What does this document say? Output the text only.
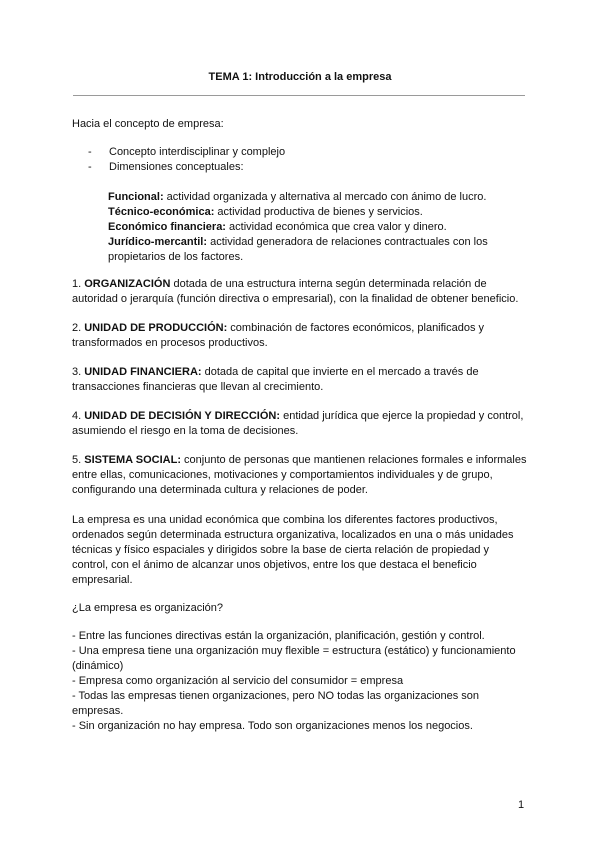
TEMA 1: Introducción a la empresa
Hacia el concepto de empresa:
- Concepto interdisciplinar y complejo
- Dimensiones conceptuales:

Funcional: actividad organizada y alternativa al mercado con ánimo de lucro.

Técnico-económica: actividad productiva de bienes y servicios.

Económico financiera: actividad económica que crea valor y dinero.

Jurídico-mercantil: actividad generadora de relaciones contractuales con los propietarios de los factores.

1. ORGANIZACIÓN dotada de una estructura interna según determinada relación de autoridad o jerarquía (función directiva o empresarial), con la finalidad de obtener beneficio.

2. UNIDAD DE PRODUCCIÓN: combinación de factores económicos, planificados y transformados en procesos productivos.

3. UNIDAD FINANCIERA: dotada de capital que invierte en el mercado a través de transacciones financieras que llevan al crecimiento.

4. UNIDAD DE DECISIÓN Y DIRECCIÓN: entidad jurídica que ejerce la propiedad y control, asumiendo el riesgo en la toma de decisiones.

5. SISTEMA SOCIAL: conjunto de personas que mantienen relaciones formales e informales entre ellas, comunicaciones, motivaciones y comportamientos individuales y de grupo, configurando una determinada cultura y relaciones de poder.

La empresa es una unidad económica que combina los diferentes factores productivos, ordenados según determinada estructura organizativa, localizados en una o más unidades técnicas y físico espaciales y dirigidos sobre la base de cierta relación de propiedad y control, con el ánimo de alcanzar unos objetivos, entre los que destaca el beneficio empresarial.
¿La empresa es organización?

- Entre las funciones directivas están la organización, planificación, gestión y control.

- Una empresa tiene una organización muy flexible = estructura (estático) y funcionamiento (dinámico)

- Empresa como organización al servicio del consumidor = empresa

- Todas las empresas tienen organizaciones, pero NO todas las organizaciones son empresas.

- Sin organización no hay empresa. Todo son organizaciones menos los negocios.

1
